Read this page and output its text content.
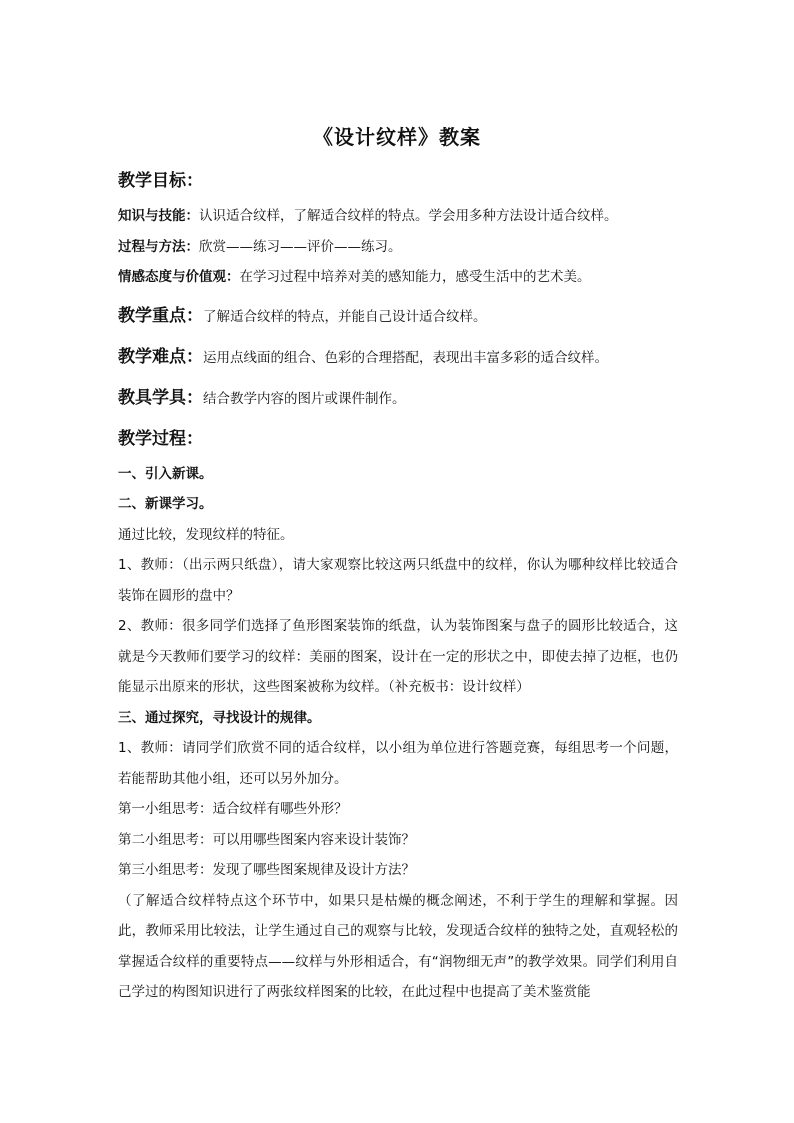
《设计纹样》教案
教学目标：
知识与技能：认识适合纹样，了解适合纹样的特点。学会用多种方法设计适合纹样。
过程与方法：欣赏——练习——评价——练习。
情感态度与价值观：在学习过程中培养对美的感知能力，感受生活中的艺术美。
教学重点：了解适合纹样的特点，并能自己设计适合纹样。
教学难点：运用点线面的组合、色彩的合理搭配，表现出丰富多彩的适合纹样。
教具学具：结合教学内容的图片或课件制作。
教学过程：
一、引入新课。
二、新课学习。
通过比较，发现纹样的特征。
1、教师：（出示两只纸盘），请大家观察比较这两只纸盘中的纹样，你认为哪种纹样比较适合装饰在圆形的盘中？
2、教师：很多同学们选择了鱼形图案装饰的纸盘，认为装饰图案与盘子的圆形比较适合，这就是今天教师们要学习的纹样：美丽的图案，设计在一定的形状之中，即使去掉了边框，也仍能显示出原来的形状，这些图案被称为纹样。（补充板书：设计纹样）
三、通过探究，寻找设计的规律。
1、教师：请同学们欣赏不同的适合纹样，以小组为单位进行答题竞赛，每组思考一个问题，若能帮助其他小组，还可以另外加分。
第一小组思考：适合纹样有哪些外形？
第二小组思考：可以用哪些图案内容来设计装饰？
第三小组思考：发现了哪些图案规律及设计方法？
（了解适合纹样特点这个环节中，如果只是枯燥的概念阐述，不利于学生的理解和掌握。因此，教师采用比较法，让学生通过自己的观察与比较，发现适合纹样的独特之处，直观轻松的掌握适合纹样的重要特点——纹样与外形相适合，有“润物细无声”的教学效果。同学们利用自己学过的构图知识进行了两张纹样图案的比较，在此过程中也提高了美术鉴赏能
